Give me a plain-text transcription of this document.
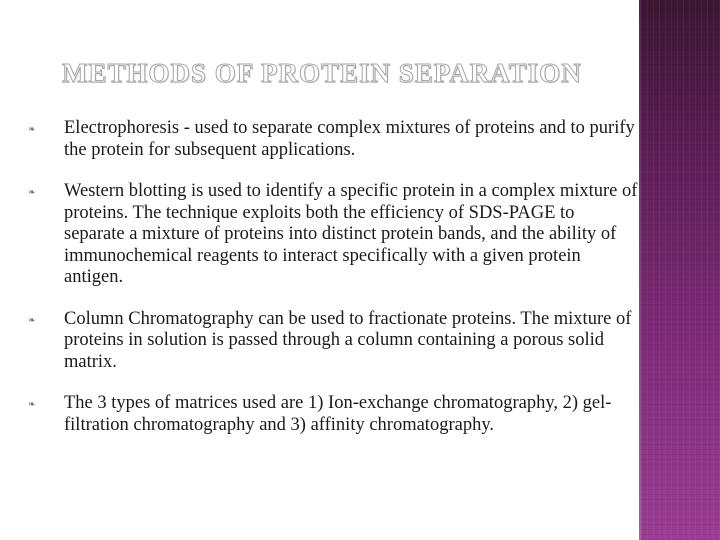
METHODS OF PROTEIN SEPARATION
❧ Electrophoresis - used to separate complex mixtures of proteins and to purify the protein for subsequent applications.
❧ Western blotting is used to identify a specific protein in a complex mixture of proteins. The technique exploits both the efficiency of SDS-PAGE to separate a mixture of proteins into distinct protein bands, and the ability of immunochemical reagents to interact specifically with a given protein antigen.
❧ Column Chromatography can be used to fractionate proteins. The mixture of proteins in solution is passed through a column containing a porous solid matrix.
❧ The 3 types of matrices used are 1) Ion-exchange chromatography, 2) gel-filtration chromatography and 3) affinity chromatography.
